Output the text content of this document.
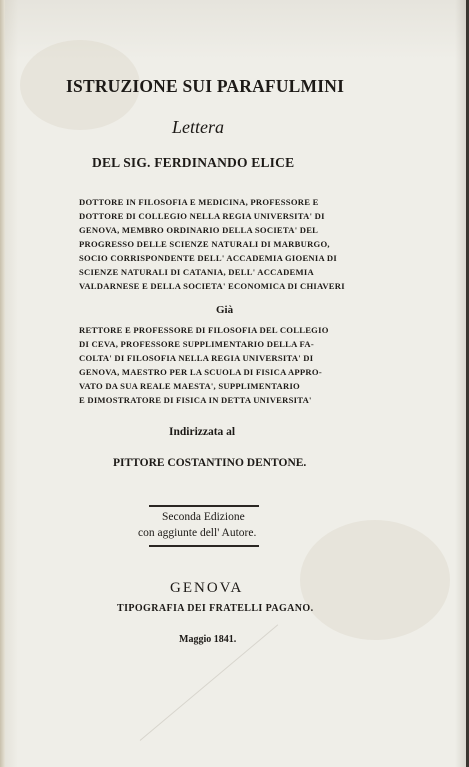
ISTRUZIONE SUI PARAFULMINI
Lettera
DEL SIG. FERDINANDO ELICE
DOTTORE IN FILOSOFIA E MEDICINA, PROFESSORE E
DOTTORE DI COLLEGIO NELLA REGIA UNIVERSITA' DI
GENOVA, MEMBRO ORDINARIO DELLA SOCIETA' DEL
PROGRESSO DELLE SCIENZE NATURALI DI MARBURGO,
SOCIO CORRISPONDENTE DELL' ACCADEMIA GIOENIA DI
SCIENZE NATURALI DI CATANIA, DELL' ACCADEMIA
VALDARNESE E DELLA SOCIETA' ECONOMICA DI CHIAVERI
Già
RETTORE E PROFESSORE DI FILOSOFIA DEL COLLEGIO
DI CEVA, PROFESSORE SUPPLIMENTARIO DELLA FA-
COLTA' DI FILOSOFIA NELLA REGIA UNIVERSITA' DI
GENOVA, MAESTRO PER LA SCUOLA DI FISICA APPRO-
VATO DA SUA REALE MAESTA', SUPPLIMENTARIO
E DIMOSTRATORE DI FISICA IN DETTA UNIVERSITA'
Indirizzata al
PITTORE COSTANTINO DENTONE.
Seconda Edizione
con aggiunte dell' Autore.
GENOVA
TIPOGRAFIA DEI FRATELLI PAGANO.
Maggio 1841.
